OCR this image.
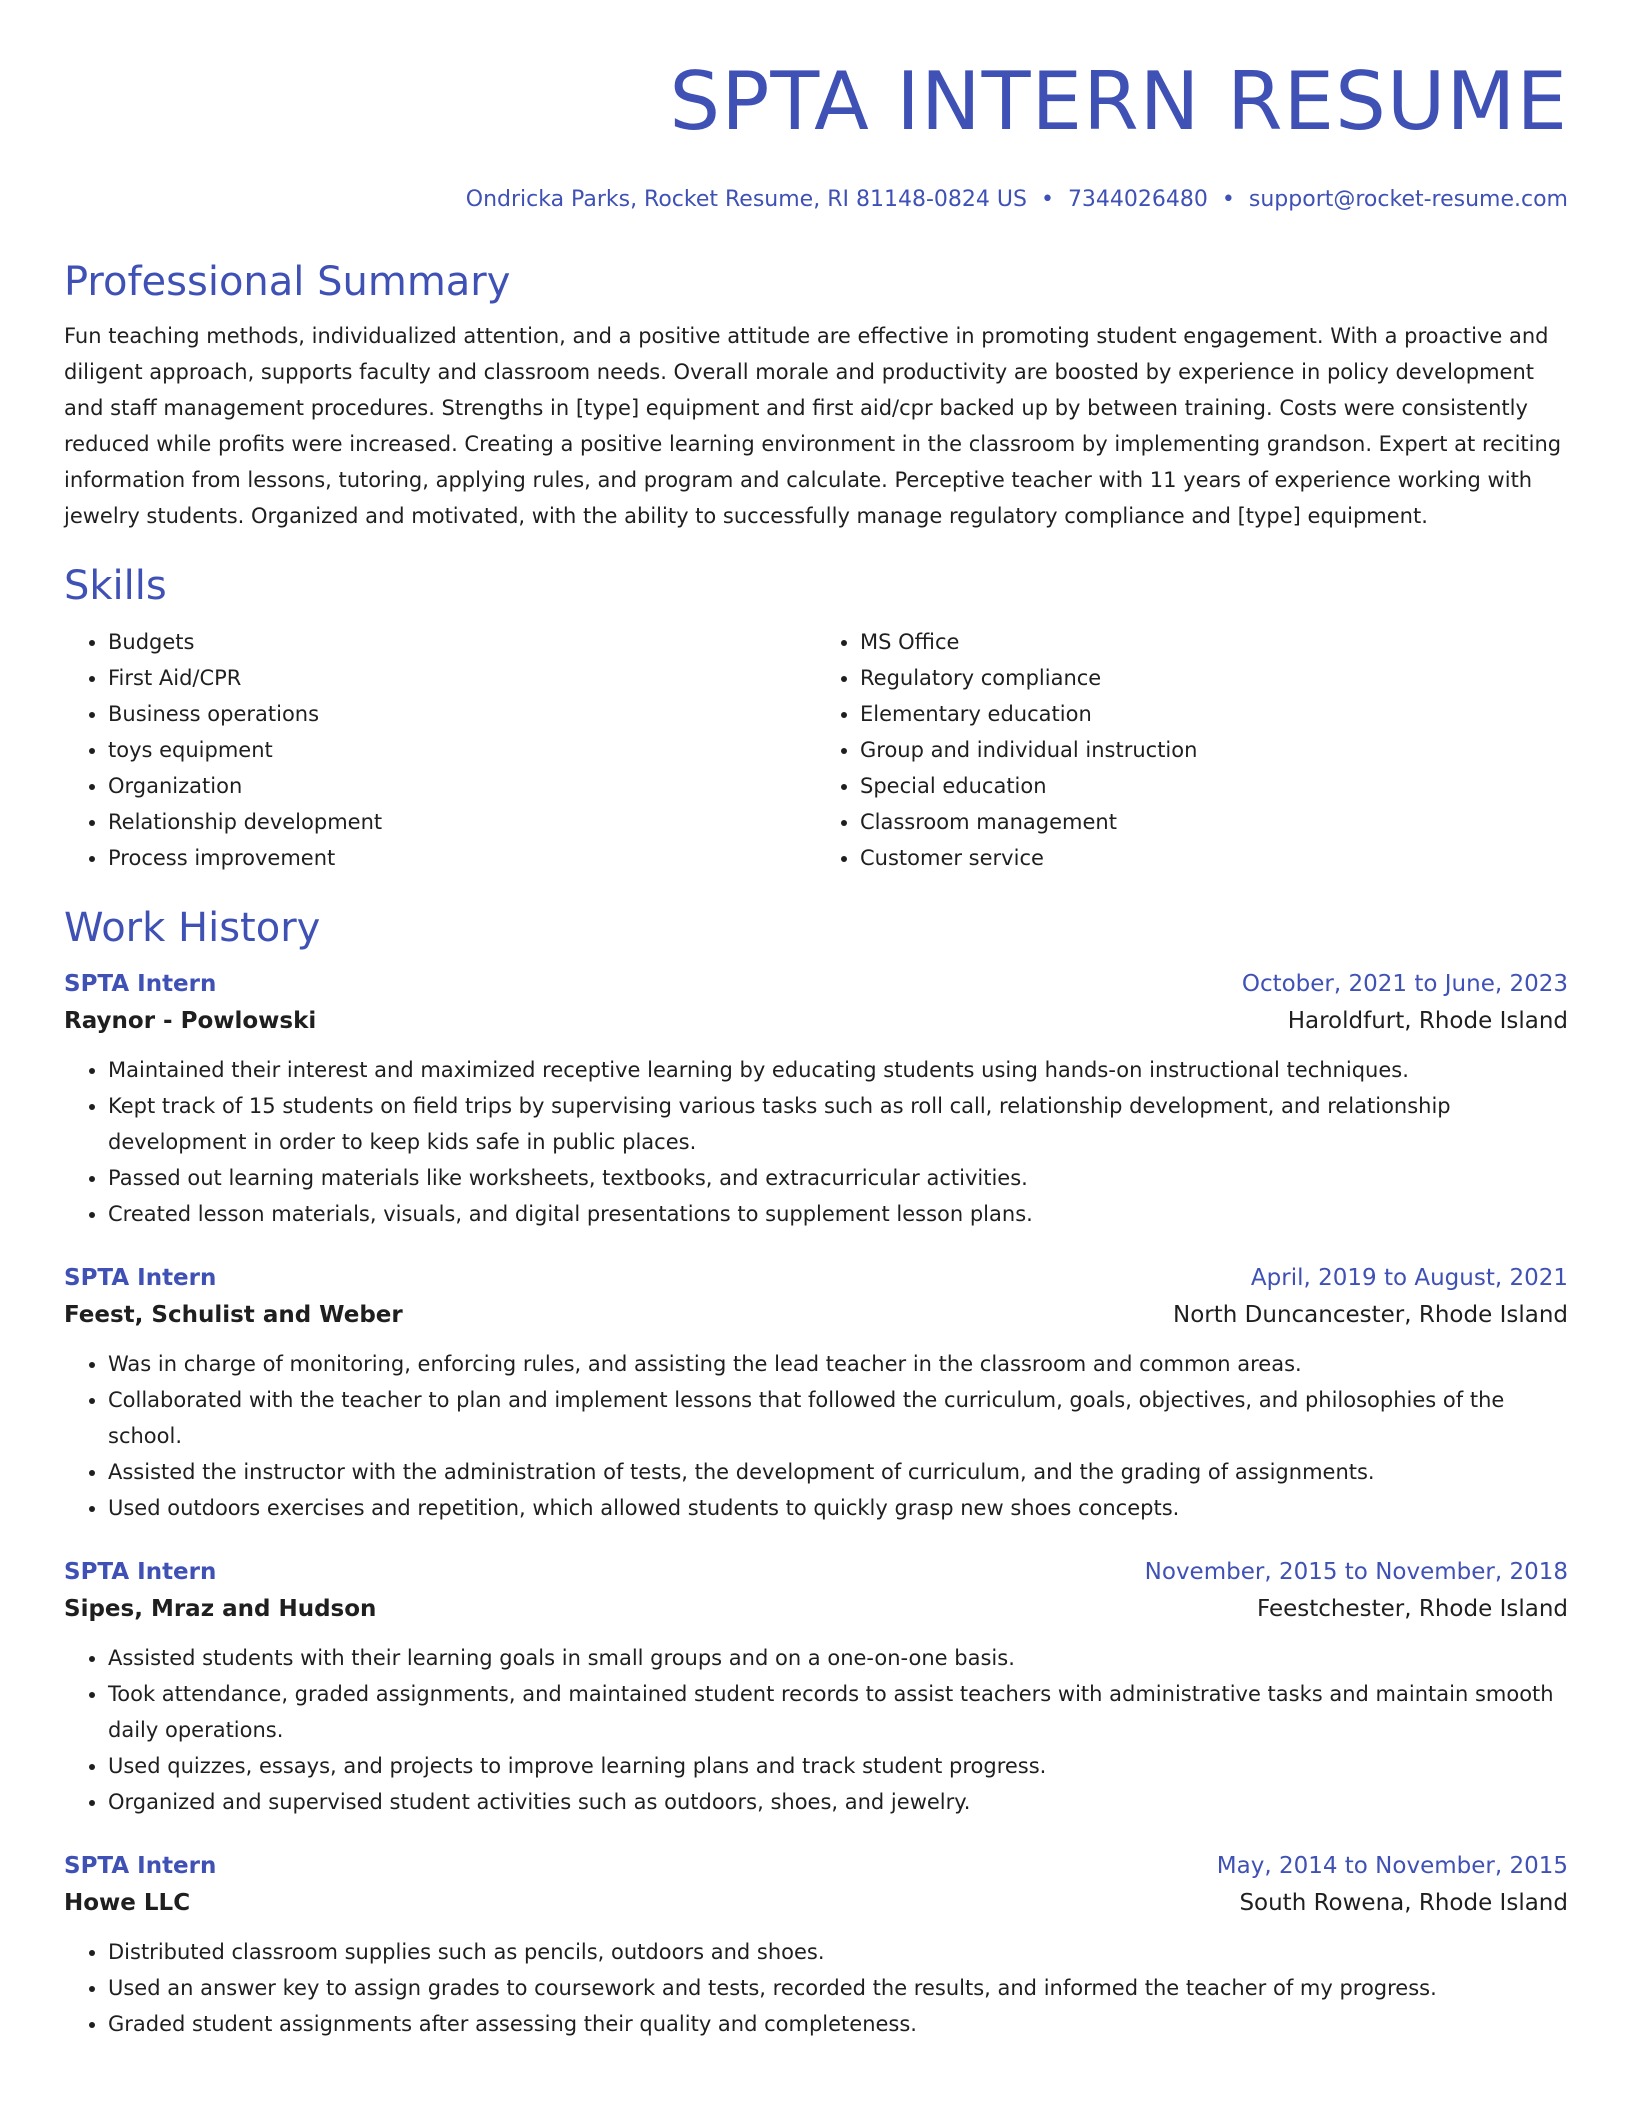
SPTA INTERN RESUME
Ondricka Parks, Rocket Resume, RI 81148-0824 US • 7344026480 • support@rocket-resume.com
Professional Summary

Fun teaching methods, individualized attention, and a positive attitude are effective in promoting student engagement. With a proactive and diligent approach, supports faculty and classroom needs. Overall morale and productivity are boosted by experience in policy development and staff management procedures. Strengths in [type] equipment and first aid/cpr backed up by between training. Costs were consistently reduced while profits were increased. Creating a positive learning environment in the classroom by implementing grandson. Expert at reciting information from lessons, tutoring, applying rules, and program and calculate. Perceptive teacher with 11 years of experience working with jewelry students. Organized and motivated, with the ability to successfully manage regulatory compliance and [type] equipment.

Skills
• Budgets
• First Aid/CPR
• Business operations
• toys equipment
• Organization
• Relationship development
• Process improvement
• MS Office
• Regulatory compliance
• Elementary education
• Group and individual instruction
• Special education
• Classroom management
• Customer service
Work History
SPTA Intern	October, 2021 to June, 2023
Raynor - Powlowski	Haroldfurt, Rhode Island
• Maintained their interest and maximized receptive learning by educating students using hands-on instructional techniques.
• Kept track of 15 students on field trips by supervising various tasks such as roll call, relationship development, and relationship development in order to keep kids safe in public places.
• Passed out learning materials like worksheets, textbooks, and extracurricular activities.
• Created lesson materials, visuals, and digital presentations to supplement lesson plans.
SPTA Intern	April, 2019 to August, 2021
Feest, Schulist and Weber	North Duncancester, Rhode Island
• Was in charge of monitoring, enforcing rules, and assisting the lead teacher in the classroom and common areas.
• Collaborated with the teacher to plan and implement lessons that followed the curriculum, goals, objectives, and philosophies of the school.
• Assisted the instructor with the administration of tests, the development of curriculum, and the grading of assignments.
• Used outdoors exercises and repetition, which allowed students to quickly grasp new shoes concepts.
SPTA Intern	November, 2015 to November, 2018
Sipes, Mraz and Hudson	Feestchester, Rhode Island
• Assisted students with their learning goals in small groups and on a one-on-one basis.
• Took attendance, graded assignments, and maintained student records to assist teachers with administrative tasks and maintain smooth daily operations.
• Used quizzes, essays, and projects to improve learning plans and track student progress.
• Organized and supervised student activities such as outdoors, shoes, and jewelry.
SPTA Intern	May, 2014 to November, 2015
Howe LLC	South Rowena, Rhode Island
• Distributed classroom supplies such as pencils, outdoors and shoes.
• Used an answer key to assign grades to coursework and tests, recorded the results, and informed the teacher of my progress.
• Graded student assignments after assessing their quality and completeness.
